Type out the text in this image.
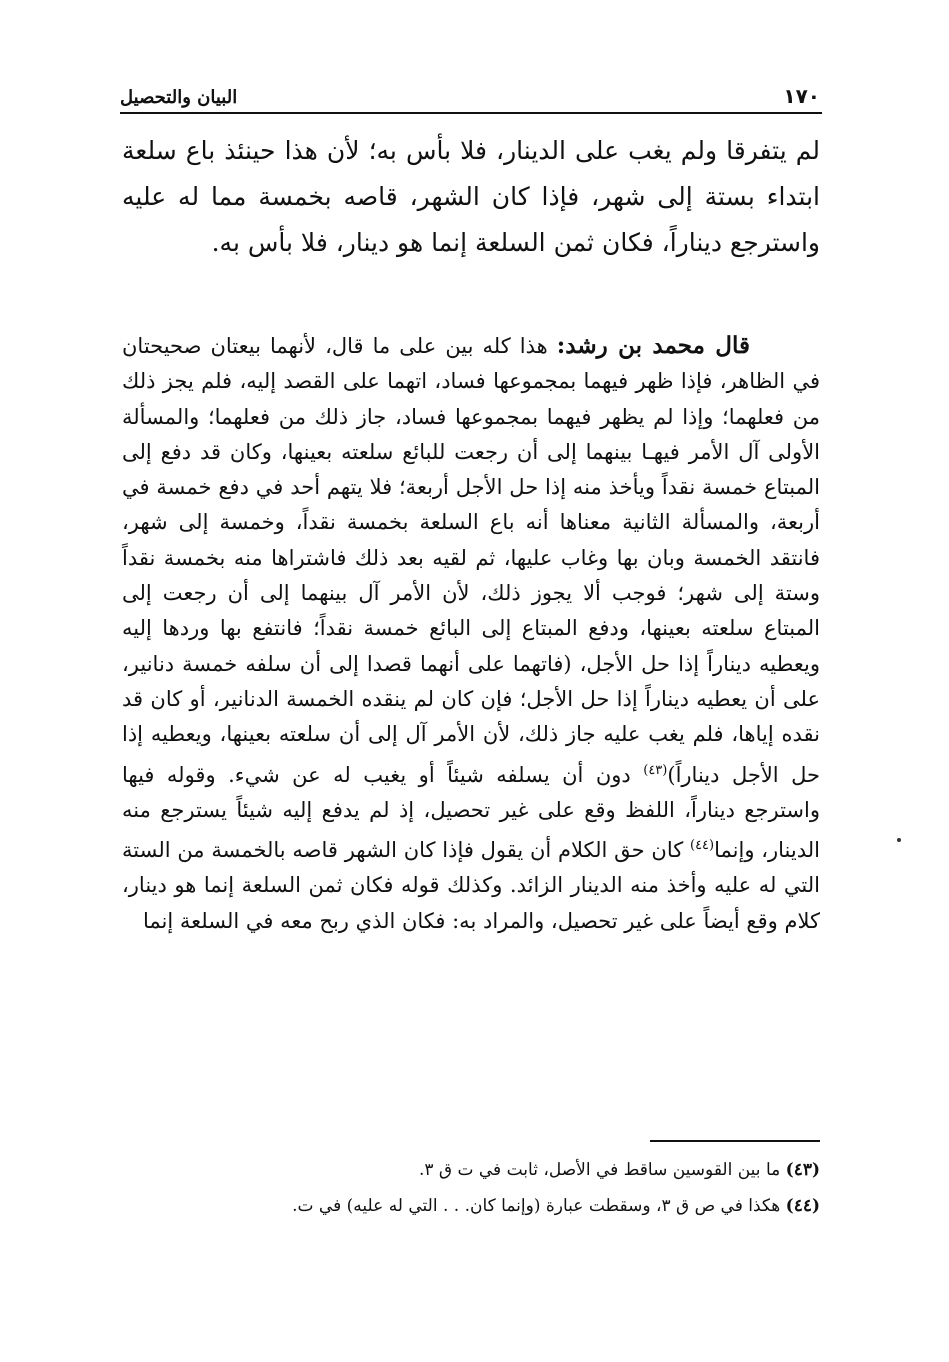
١٧٠
البيان والتحصيل

لم يتفرقا ولم يغب على الدينار، فلا بأس به؛ لأن هذا حينئذ باع سلعة ابتداء بستة إلى شهر، فإذا كان الشهر، قاصه بخمسة مما له عليه واسترجع ديناراً، فكان ثمن السلعة إنما هو دينار، فلا بأس به.

قال محمد بن رشد: هذا كله بين على ما قال، لأنهما بيعتان صحيحتان في الظاهر، فإذا ظهر فيهما بمجموعها فساد، اتهما على القصد إليه، فلم يجز ذلك من فعلهما؛ وإذا لم يظهر فيهما بمجموعها فساد، جاز ذلك من فعلهما؛ والمسألة الأولى آل الأمر فيهـا بينهما إلى أن رجعت للبائع سلعته بعينها، وكان قد دفع إلى المبتاع خمسة نقداً ويأخذ منه إذا حل الأجل أربعة؛ فلا يتهم أحد في دفع خمسة في أربعة، والمسألة الثانية معناها أنه باع السلعة بخمسة نقداً، وخمسة إلى شهر، فانتقد الخمسة وبان بها وغاب عليها، ثم لقيه بعد ذلك فاشتراها منه بخمسة نقداً وستة إلى شهر؛ فوجب ألا يجوز ذلك، لأن الأمر آل بينهما إلى أن رجعت إلى المبتاع سلعته بعينها، ودفع المبتاع إلى البائع خمسة نقداً؛ فانتفع بها وردها إليه ويعطيه ديناراً إذا حل الأجل، (فاتهما على أنهما قصدا إلى أن سلفه خمسة دنانير، على أن يعطيه ديناراً إذا حل الأجل؛ فإن كان لم ينقده الخمسة الدنانير، أو كان قد نقده إياها، فلم يغب عليه جاز ذلك، لأن الأمر آل إلى أن سلعته بعينها، ويعطيه إذا حل الأجل ديناراً)$^{(٤٣)}$ دون أن يسلفه شيئاً أو يغيب له عن شيء. وقوله فيها واسترجع ديناراً، اللفظ وقع على غير تحصيل، إذ لم يدفع إليه شيئاً يسترجع منه الدينار، وإنما$^{(٤٤)}$ كان حق الكلام أن يقول فإذا كان الشهر قاصه بالخمسة من الستة التي له عليه وأخذ منه الدينار الزائد. وكذلك قوله فكان ثمن السلعة إنما هو دينار، كلام وقع أيضاً على غير تحصيل، والمراد به: فكان الذي ربح معه في السلعة إنما

(٤٣) ما بين القوسين ساقط في الأصل، ثابت في ت ق ٣.
(٤٤) هكذا في ص ق ٣، وسقطت عبارة (وإنما كان. . . التي له عليه) في ت.
